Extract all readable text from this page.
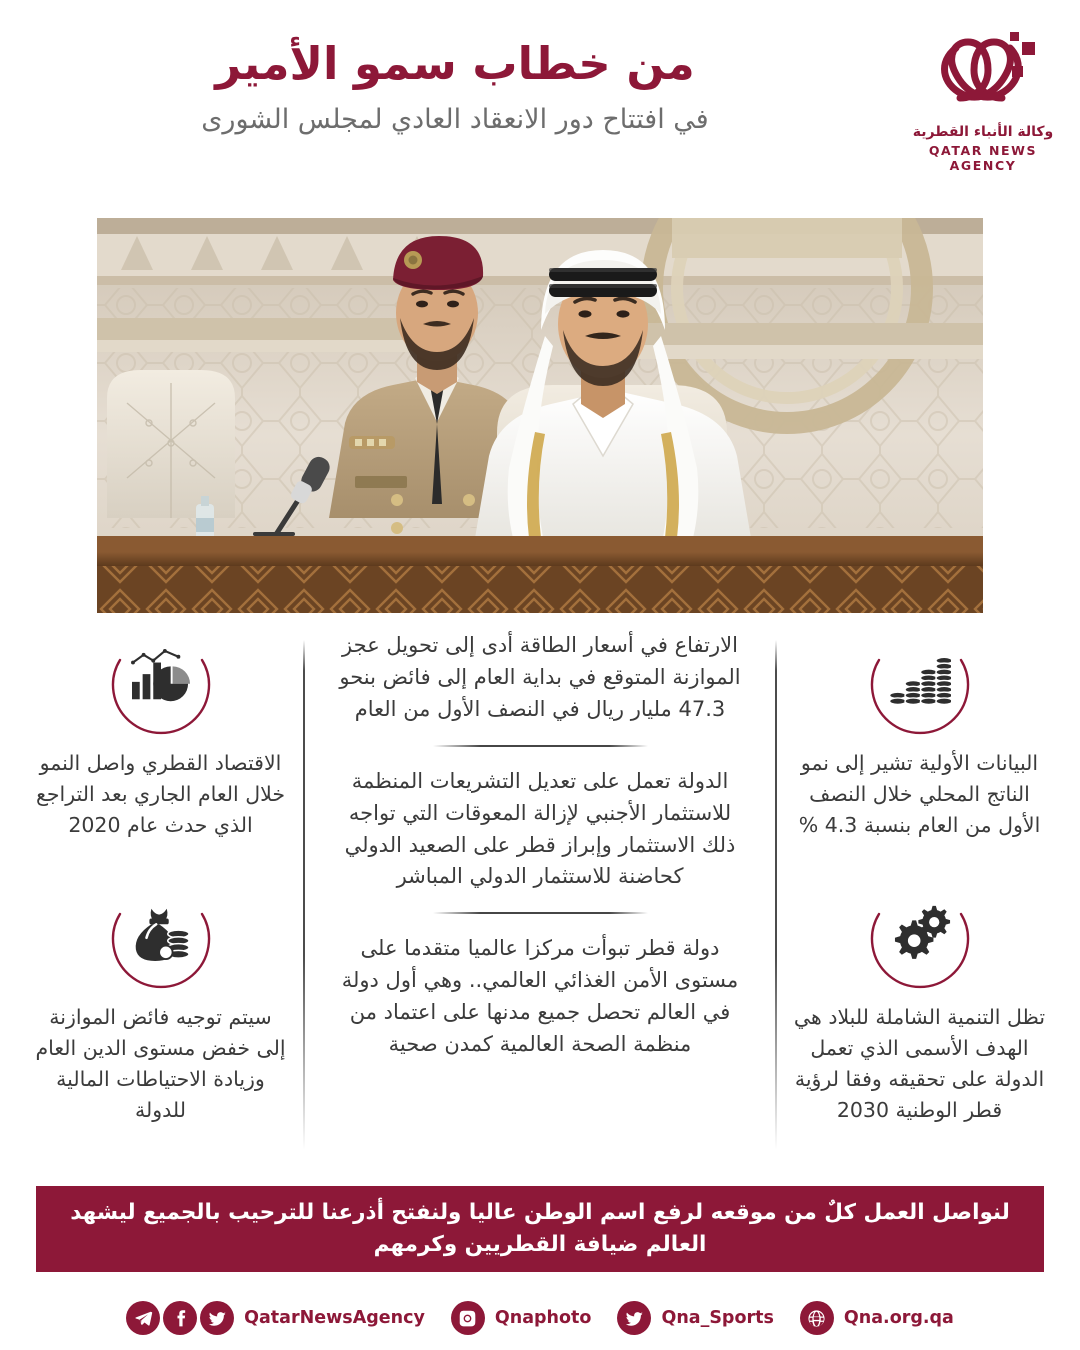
من خطاب سمو الأمير
في افتتاح دور الانعقاد العادي لمجلس الشورى	وكالة الأنباء القطرية
QATAR NEWS AGENCY
الاقتصاد القطري واصل النمو خلال العام الجاري بعد التراجع الذي حدث عام 2020
سيتم توجيه فائض الموازنة إلى خفض مستوى الدين العام وزيادة الاحتياطات المالية للدولة
الارتفاع في أسعار الطاقة أدى إلى تحويل عجز الموازنة المتوقع في بداية العام إلى فائض بنحو 47.3 مليار ريال في النصف الأول من العام
الدولة تعمل على تعديل التشريعات المنظمة للاستثمار الأجنبي لإزالة المعوقات التي تواجه ذلك الاستثمار وإبراز قطر على الصعيد الدولي كحاضنة للاستثمار الدولي المباشر
دولة قطر تبوأت مركزا عالميا متقدما على مستوى الأمن الغذائي العالمي.. وهي أول دولة في العالم تحصل جميع مدنها على اعتماد من منظمة الصحة العالمية كمدن صحية
البيانات الأولية تشير إلى نمو الناتج المحلي خلال النصف الأول من العام بنسبة 4.3 %
تظل التنمية الشاملة للبلاد هي الهدف الأسمى الذي تعمل الدولة على تحقيقه وفقا لرؤية قطر الوطنية 2030
لنواصل العمل كلٌ من موقعه لرفع اسم الوطن عاليا ولنفتح أذرعنا للترحيب بالجميع ليشهد العالم ضيافة القطريين وكرمهم
QatarNewsAgency	Qnaphoto	Qna_Sports	Qna.org.qa
